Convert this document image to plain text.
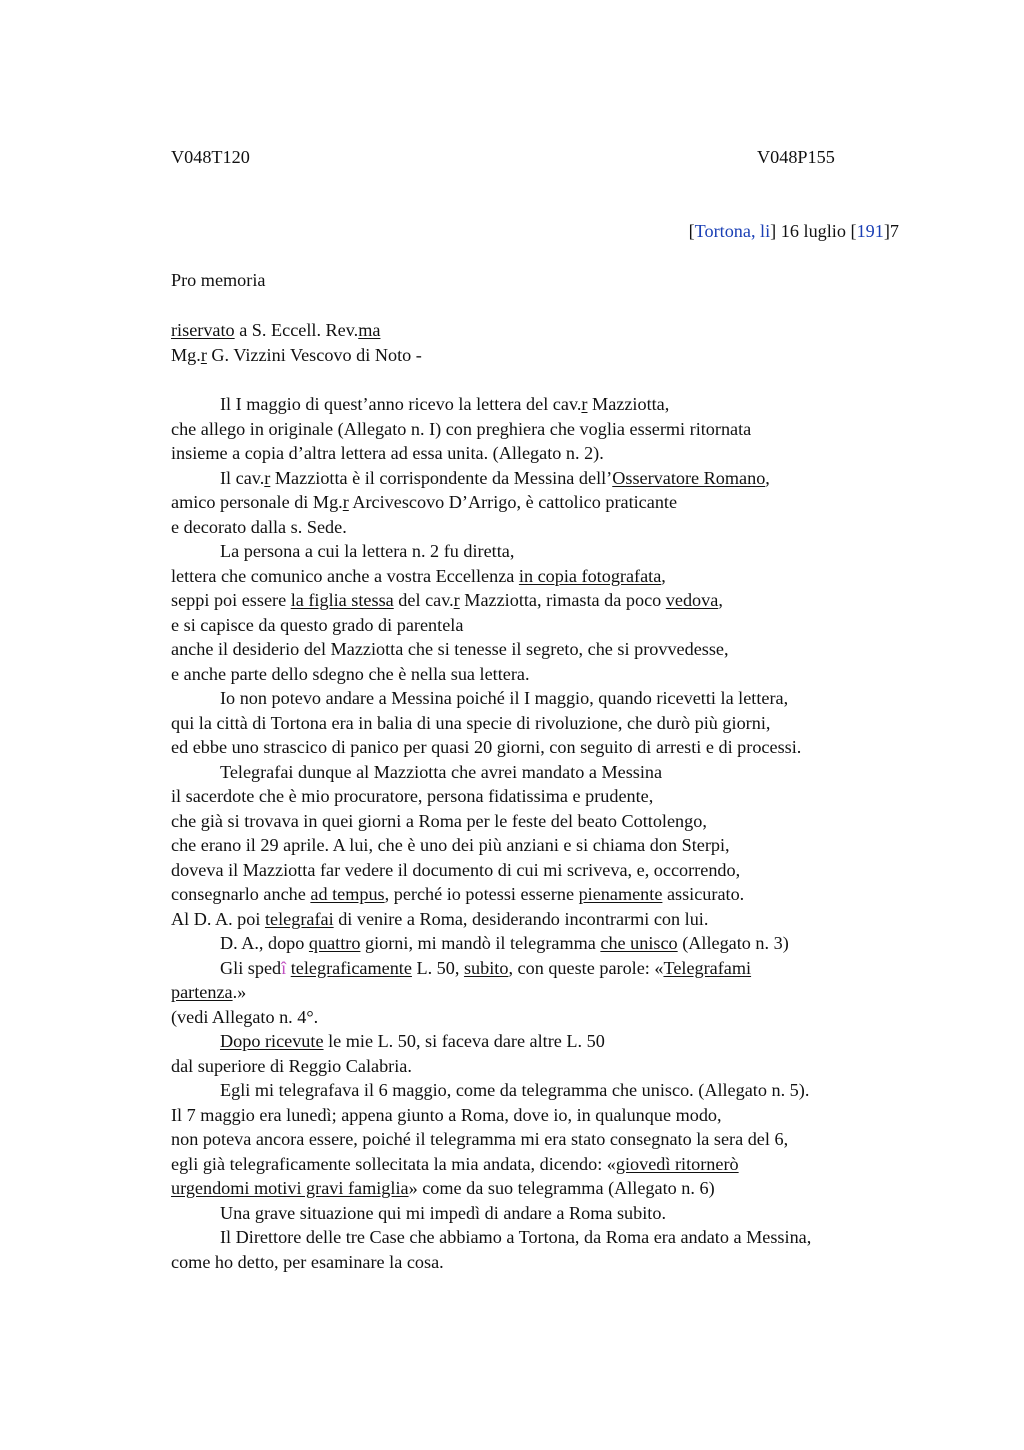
V048T120	V048P155
[Tortona, li] 16 luglio [191]7
Pro memoria
riservato a S. Eccell. Rev.ma
Mg.r G. Vizzini Vescovo di Noto -
Il I maggio di quest’anno ricevo la lettera del cav.r Mazziotta,
che allego in originale (Allegato n. I) con preghiera che voglia essermi ritornata
insieme a copia d’altra lettera ad essa unita. (Allegato n. 2).
Il cav.r Mazziotta è il corrispondente da Messina dell’Osservatore Romano,
amico personale di Mg.r Arcivescovo D’Arrigo, è cattolico praticante
e decorato dalla s. Sede.
La persona a cui la lettera n. 2 fu diretta,
lettera che comunico anche a vostra Eccellenza in copia fotografata,
seppi poi essere la figlia stessa del cav.r Mazziotta, rimasta da poco vedova,
e si capisce da questo grado di parentela
anche il desiderio del Mazziotta che si tenesse il segreto, che si provvedesse,
e anche parte dello sdegno che è nella sua lettera.
Io non potevo andare a Messina poiché il I maggio, quando ricevetti la lettera,
qui la città di Tortona era in balia di una specie di rivoluzione, che durò più giorni,
ed ebbe uno strascico di panico per quasi 20 giorni, con seguito di arresti e di processi.
Telegrafai dunque al Mazziotta che avrei mandato a Messina
il sacerdote che è mio procuratore, persona fidatissima e prudente,
che già si trovava in quei giorni a Roma per le feste del beato Cottolengo,
che erano il 29 aprile. A lui, che è uno dei più anziani e si chiama don Sterpi,
doveva il Mazziotta far vedere il documento di cui mi scriveva, e, occorrendo,
consegnarlo anche ad tempus, perché io potessi esserne pienamente assicurato.
Al D. A. poi telegrafai di venire a Roma, desiderando incontrarmi con lui.
D. A., dopo quattro giorni, mi mandò il telegramma che unisco (Allegato n. 3)
Gli spedî telegraficamente L. 50, subito, con queste parole: «Telegrafami
partenza.»
(vedi Allegato n. 4°.
Dopo ricevute le mie L. 50, si faceva dare altre L. 50
dal superiore di Reggio Calabria.
Egli mi telegrafava il 6 maggio, come da telegramma che unisco. (Allegato n. 5).
Il 7 maggio era lunedì; appena giunto a Roma, dove io, in qualunque modo,
non poteva ancora essere, poiché il telegramma mi era stato consegnato la sera del 6,
egli già telegraficamente sollecitata la mia andata, dicendo: «giovedì ritornerò
urgendomi motivi gravi famiglia» come da suo telegramma (Allegato n. 6)
Una grave situazione qui mi impedì di andare a Roma subito.
Il Direttore delle tre Case che abbiamo a Tortona, da Roma era andato a Messina,
come ho detto, per esaminare la cosa.
